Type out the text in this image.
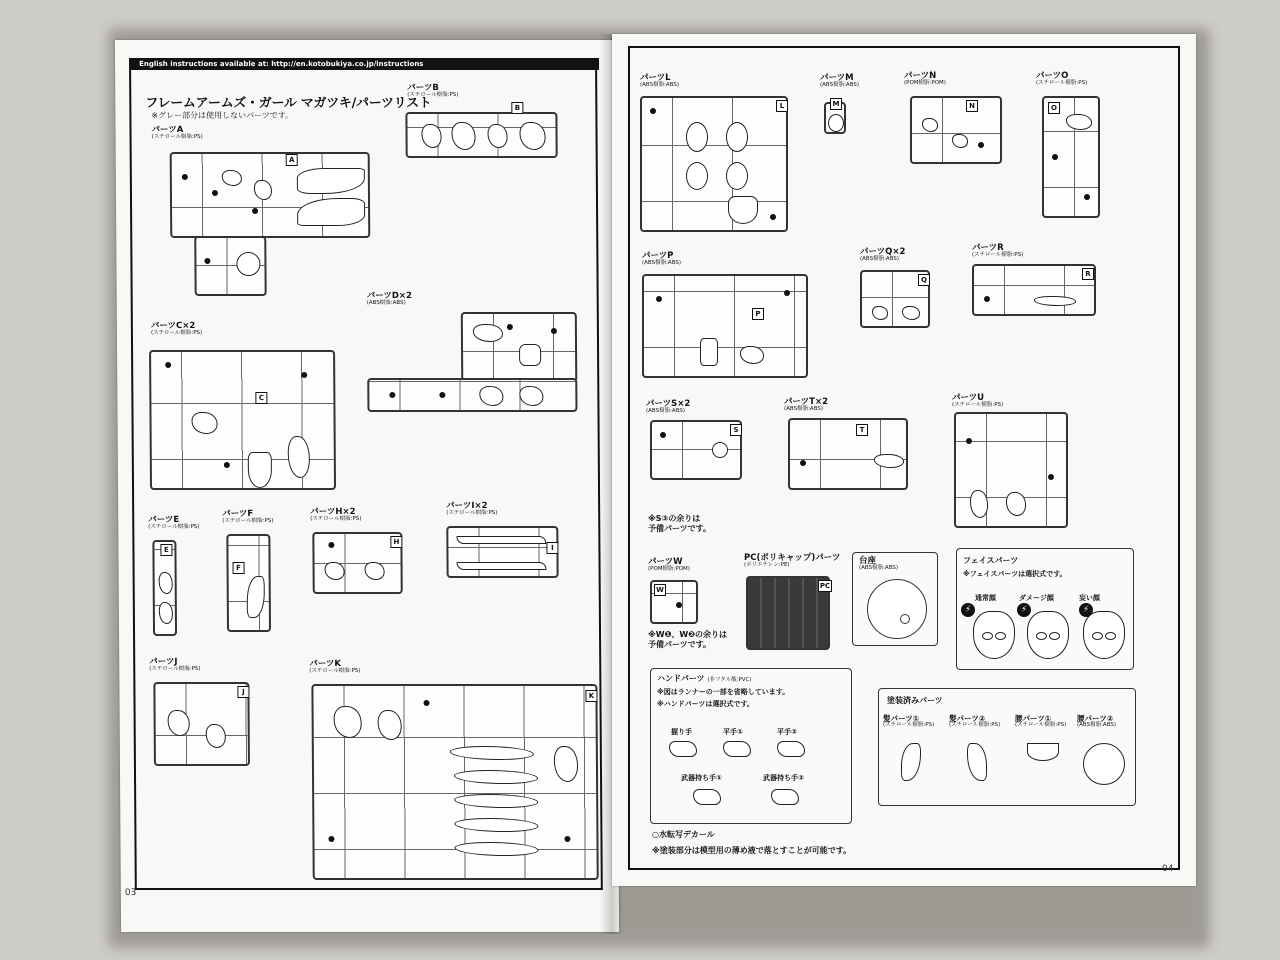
English instructions available at: http://en.kotobukiya.co.jp/instructions
フレームアームズ・ガール マガツキ/パーツリスト
※グレー部分は使用しないパーツです。
パーツA
(スチロール樹脂:PS)
A
パーツB
(スチロール樹脂:PS)
B
パーツC×2
(スチロール樹脂:PS)
C
パーツD×2
(ABS樹脂:ABS)
パーツE
(スチロール樹脂:PS)
E
パーツF
(スチロール樹脂:PS)
F
パーツH×2
(スチロール樹脂:PS)
H
パーツI×2
(スチロール樹脂:PS)
I
パーツJ
(スチロール樹脂:PS)
J
パーツK
(スチロール樹脂:PS)
K
03
パーツL
(ABS樹脂:ABS)
L
パーツM
(ABS樹脂:ABS)
M
パーツN
(POM樹脂:POM)
N
パーツO
(スチロール樹脂:PS)
O
パーツP
(ABS樹脂:ABS)
P
パーツQ×2
(ABS樹脂:ABS)
Q
パーツR
(スチロール樹脂:PS)
R
パーツS×2
(ABS樹脂:ABS)
S
※S③の余りは
予備パーツです。
パーツT×2
(ABS樹脂:ABS)
T
パーツU
(スチロール樹脂:PS)
パーツW
(POM樹脂:POM)
W
※W❶、W❷の余りは
予備パーツです。
PC(ポリキャップ)パーツ
(ポリエチレン:PE)
PC
台座
(ABS樹脂:ABS)
フェイスパーツ
※フェイスパーツは選択式です。
通常顔	ダメージ顔	妄い顔
⚡	⚡	⚡
ハンドパーツ (非フタル酸:PVC)
※図はランナーの一部を省略しています。
※ハンドパーツは選択式です。
握り手	平手①	平手②
武器持ち手①	武器持ち手②
塗装済みパーツ
髪パーツ①
(スチロール樹脂:PS)
髪パーツ②
(スチロール樹脂:PS)
腰パーツ①
(スチロール樹脂:PS)
腰パーツ②
(ABS樹脂:ABS)
○水転写デカール
※塗装部分は模型用の薄め液で落とすことが可能です。
04
